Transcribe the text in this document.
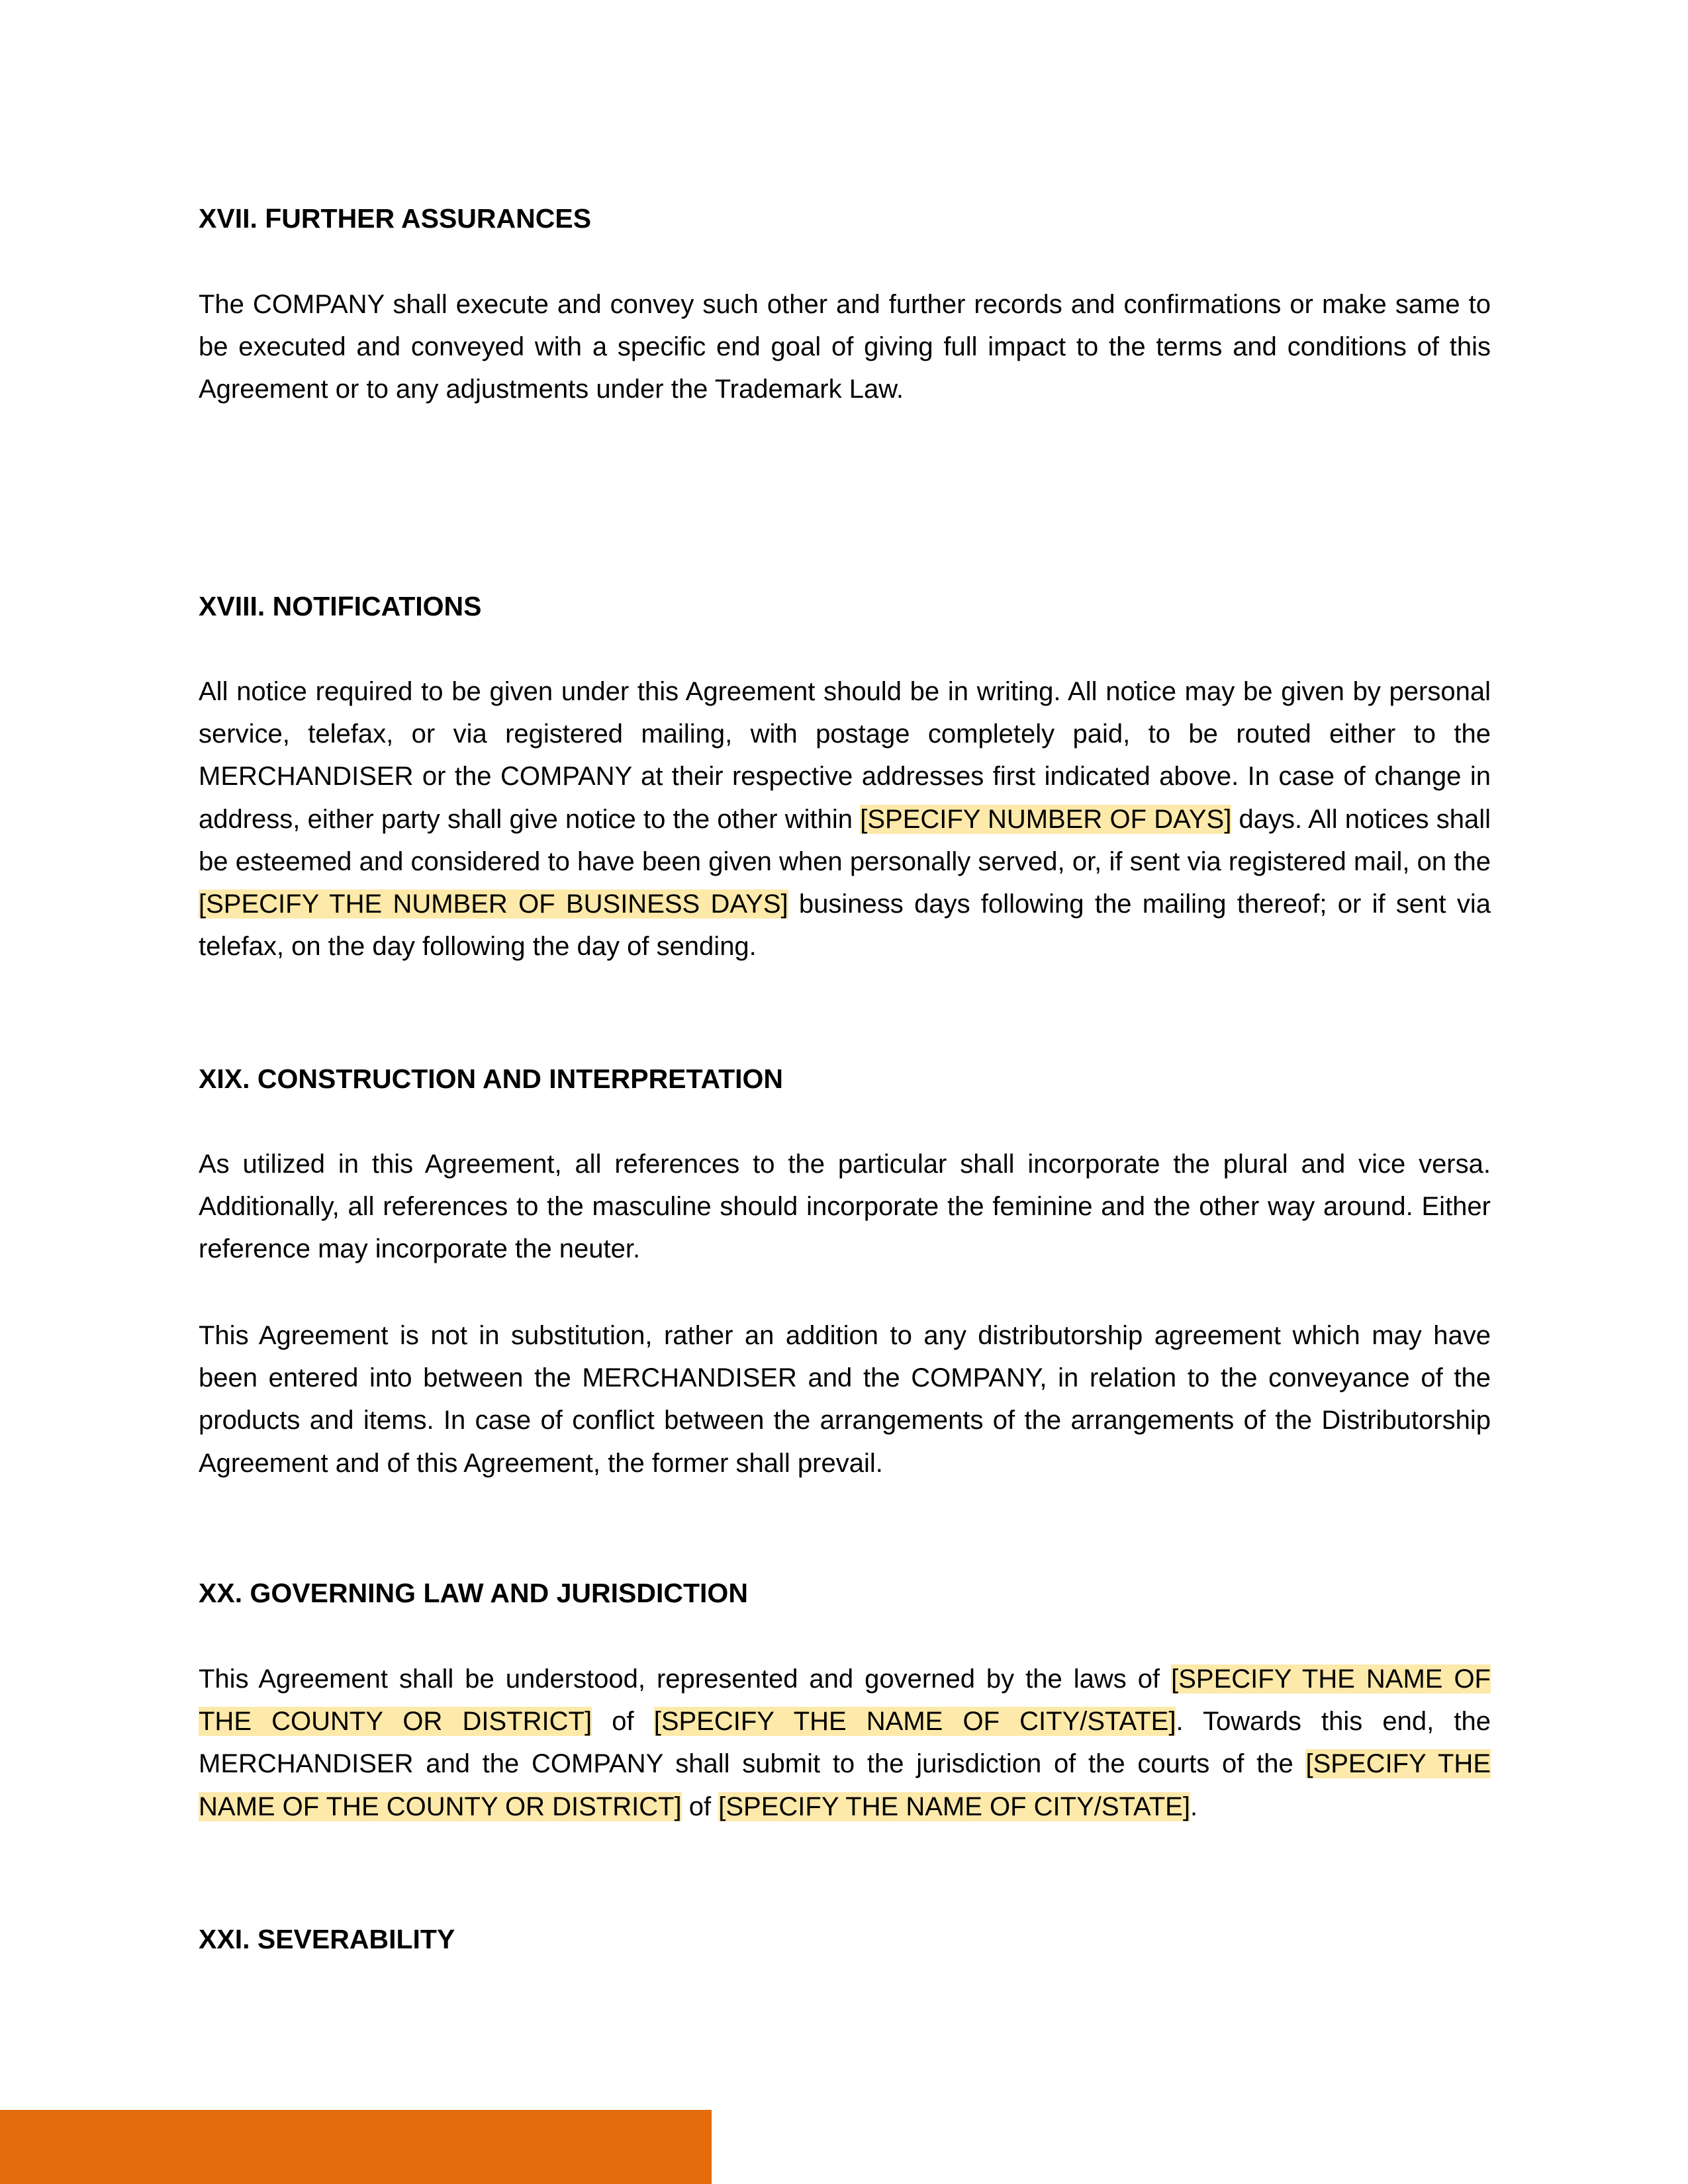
XVII. FURTHER ASSURANCES

The COMPANY shall execute and convey such other and further records and confirmations or make same to be executed and conveyed with a specific end goal of giving full impact to the terms and conditions of this Agreement or to any adjustments under the Trademark Law.

XVIII. NOTIFICATIONS

All notice required to be given under this Agreement should be in writing. All notice may be given by personal service, telefax, or via registered mailing, with postage completely paid, to be routed either to the MERCHANDISER or the COMPANY at their respective addresses first indicated above. In case of change in address, either party shall give notice to the other within [SPECIFY NUMBER OF DAYS] days. All notices shall be esteemed and considered to have been given when personally served, or, if sent via registered mail, on the [SPECIFY THE NUMBER OF BUSINESS DAYS] business days following the mailing thereof; or if sent via telefax, on the day following the day of sending.

XIX. CONSTRUCTION AND INTERPRETATION

As utilized in this Agreement, all references to the particular shall incorporate the plural and vice versa. Additionally, all references to the masculine should incorporate the feminine and the other way around. Either reference may incorporate the neuter.

This Agreement is not in substitution, rather an addition to any distributorship agreement which may have been entered into between the MERCHANDISER and the COMPANY, in relation to the conveyance of the products and items. In case of conflict between the arrangements of the arrangements of the Distributorship Agreement and of this Agreement, the former shall prevail.

XX. GOVERNING LAW AND JURISDICTION

This Agreement shall be understood, represented and governed by the laws of [SPECIFY THE NAME OF THE COUNTY OR DISTRICT] of [SPECIFY THE NAME OF CITY/STATE]. Towards this end, the MERCHANDISER and the COMPANY shall submit to the jurisdiction of the courts of the [SPECIFY THE NAME OF THE COUNTY OR DISTRICT] of [SPECIFY THE NAME OF CITY/STATE].

XXI. SEVERABILITY
